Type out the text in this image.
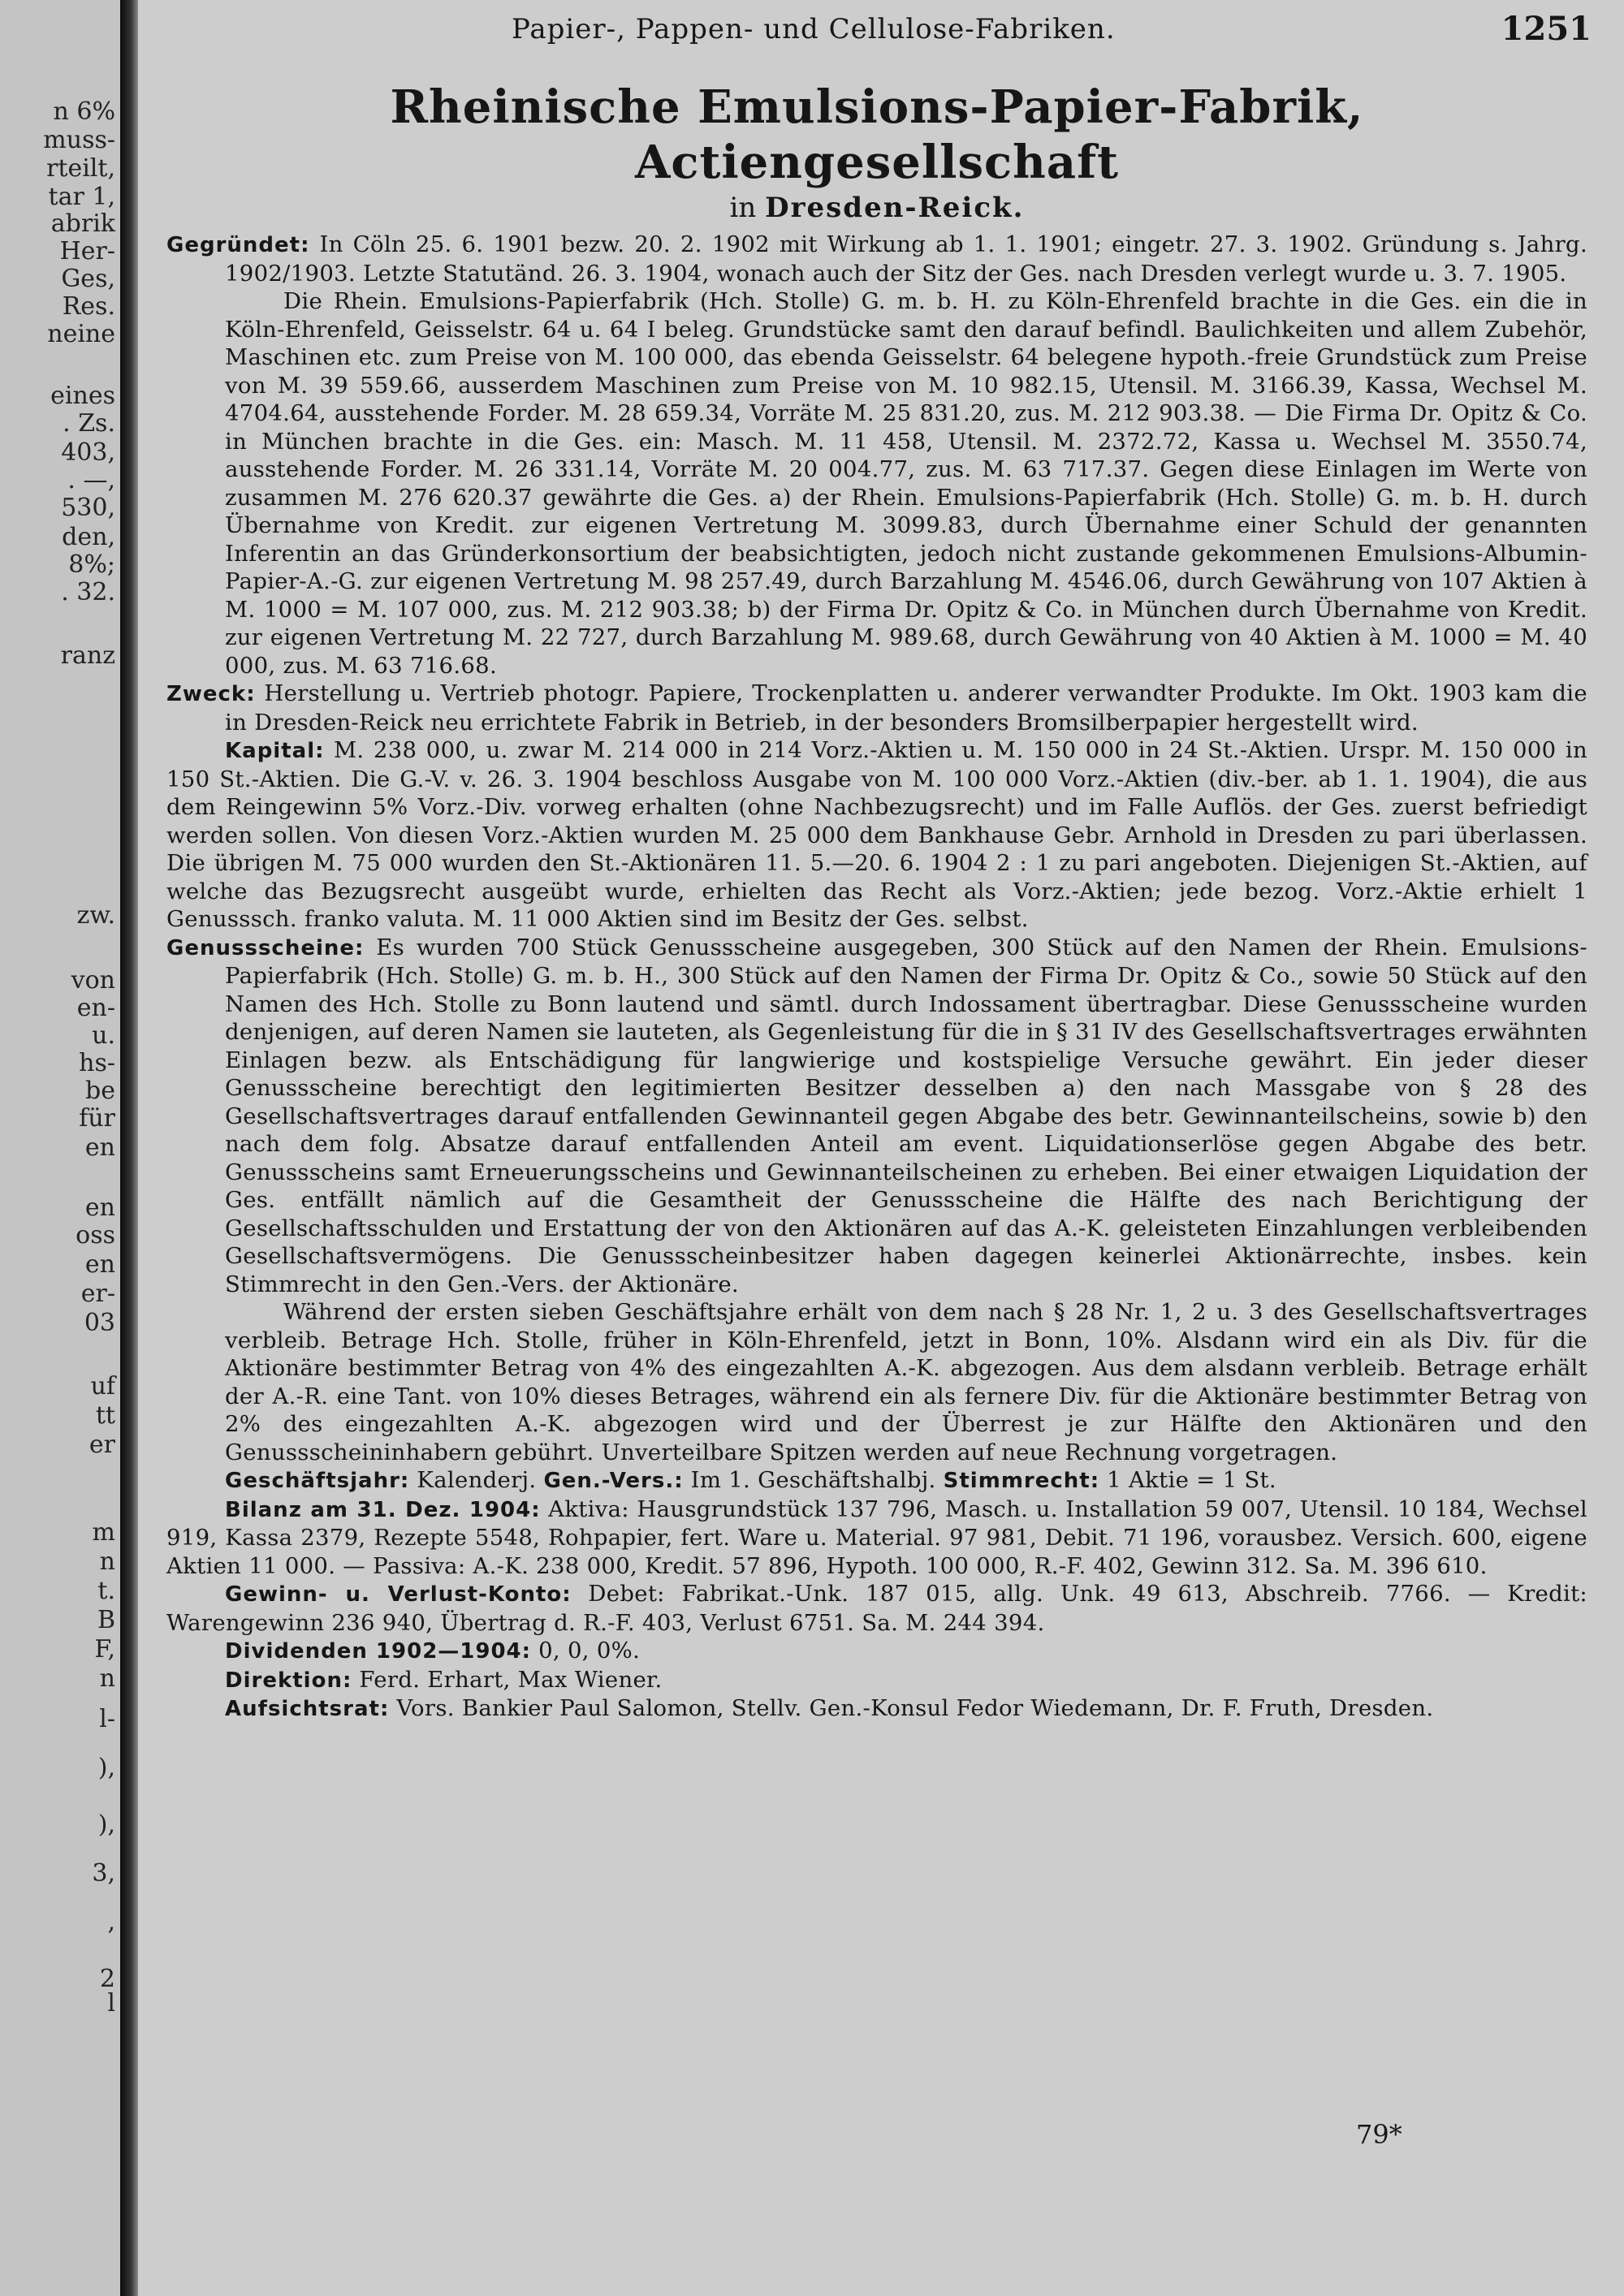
n 6%
muss-
rteilt,
tar 1,
abrik
Her-
Ges,
Res.
neine
eines
. Zs.
403,
. —,
530,
den,
8%;
. 32.
ranz
zw.
von
en-
u.
hs-
be
für
en
en
oss
en
er-
03
uf
tt
er
m
n
t.
B
F,
n
l-
),
),
3,
,
2
l
Papier-, Pappen- und Cellulose-Fabriken.	1251
Rheinische Emulsions-Papier-Fabrik, Actiengesellschaft
in Dresden-Reick.

Gegründet: In Cöln 25. 6. 1901 bezw. 20. 2. 1902 mit Wirkung ab 1. 1. 1901; eingetr. 27. 3. 1902. Gründung s. Jahrg. 1902/1903. Letzte Statutänd. 26. 3. 1904, wonach auch der Sitz der Ges. nach Dresden verlegt wurde u. 3. 7. 1905.

Die Rhein. Emulsions-Papierfabrik (Hch. Stolle) G. m. b. H. zu Köln-Ehrenfeld brachte in die Ges. ein die in Köln-Ehrenfeld, Geisselstr. 64 u. 64 I beleg. Grundstücke samt den darauf befindl. Baulichkeiten und allem Zubehör, Maschinen etc. zum Preise von M. 100 000, das ebenda Geisselstr. 64 belegene hypoth.-freie Grundstück zum Preise von M. 39 559.66, ausserdem Maschinen zum Preise von M. 10 982.15, Utensil. M. 3166.39, Kassa, Wechsel M. 4704.64, ausstehende Forder. M. 28 659.34, Vorräte M. 25 831.20, zus. M. 212 903.38. — Die Firma Dr. Opitz & Co. in München brachte in die Ges. ein: Masch. M. 11 458, Utensil. M. 2372.72, Kassa u. Wechsel M. 3550.74, ausstehende Forder. M. 26 331.14, Vorräte M. 20 004.77, zus. M. 63 717.37. Gegen diese Einlagen im Werte von zusammen M. 276 620.37 gewährte die Ges. a) der Rhein. Emulsions-Papierfabrik (Hch. Stolle) G. m. b. H. durch Übernahme von Kredit. zur eigenen Vertretung M. 3099.83, durch Übernahme einer Schuld der genannten Inferentin an das Gründerkonsortium der beabsichtigten, jedoch nicht zustande gekommenen Emulsions-Albumin-Papier-A.-G. zur eigenen Vertretung M. 98 257.49, durch Barzahlung M. 4546.06, durch Gewährung von 107 Aktien à M. 1000 = M. 107 000, zus. M. 212 903.38; b) der Firma Dr. Opitz & Co. in München durch Übernahme von Kredit. zur eigenen Vertretung M. 22 727, durch Barzahlung M. 989.68, durch Gewährung von 40 Aktien à M. 1000 = M. 40 000, zus. M. 63 716.68.

Zweck: Herstellung u. Vertrieb photogr. Papiere, Trockenplatten u. anderer verwandter Produkte. Im Okt. 1903 kam die in Dresden-Reick neu errichtete Fabrik in Betrieb, in der besonders Bromsilberpapier hergestellt wird.

Kapital: M. 238 000, u. zwar M. 214 000 in 214 Vorz.-Aktien u. M. 150 000 in 24 St.-Aktien. Urspr. M. 150 000 in 150 St.-Aktien. Die G.-V. v. 26. 3. 1904 beschloss Ausgabe von M. 100 000 Vorz.-Aktien (div.-ber. ab 1. 1. 1904), die aus dem Reingewinn 5% Vorz.-Div. vorweg erhalten (ohne Nachbezugsrecht) und im Falle Auflös. der Ges. zuerst befriedigt werden sollen. Von diesen Vorz.-Aktien wurden M. 25 000 dem Bankhause Gebr. Arnhold in Dresden zu pari überlassen. Die übrigen M. 75 000 wurden den St.-Aktionären 11. 5.—20. 6. 1904 2 : 1 zu pari angeboten. Diejenigen St.-Aktien, auf welche das Bezugsrecht ausgeübt wurde, erhielten das Recht als Vorz.-Aktien; jede bezog. Vorz.-Aktie erhielt 1 Genusssch. franko valuta. M. 11 000 Aktien sind im Besitz der Ges. selbst.

Genussscheine: Es wurden 700 Stück Genussscheine ausgegeben, 300 Stück auf den Namen der Rhein. Emulsions-Papierfabrik (Hch. Stolle) G. m. b. H., 300 Stück auf den Namen der Firma Dr. Opitz & Co., sowie 50 Stück auf den Namen des Hch. Stolle zu Bonn lautend und sämtl. durch Indossament übertragbar. Diese Genussscheine wurden denjenigen, auf deren Namen sie lauteten, als Gegenleistung für die in § 31 IV des Gesellschaftsvertrages erwähnten Einlagen bezw. als Entschädigung für langwierige und kostspielige Versuche gewährt. Ein jeder dieser Genussscheine berechtigt den legitimierten Besitzer desselben a) den nach Massgabe von § 28 des Gesellschaftsvertrages darauf entfallenden Gewinnanteil gegen Abgabe des betr. Gewinnanteilscheins, sowie b) den nach dem folg. Absatze darauf entfallenden Anteil am event. Liquidationserlöse gegen Abgabe des betr. Genussscheins samt Erneuerungsscheins und Gewinnanteilscheinen zu erheben. Bei einer etwaigen Liquidation der Ges. entfällt nämlich auf die Gesamtheit der Genussscheine die Hälfte des nach Berichtigung der Gesellschaftsschulden und Erstattung der von den Aktionären auf das A.-K. geleisteten Einzahlungen verbleibenden Gesellschaftsvermögens. Die Genussscheinbesitzer haben dagegen keinerlei Aktionärrechte, insbes. kein Stimmrecht in den Gen.-Vers. der Aktionäre.

Während der ersten sieben Geschäftsjahre erhält von dem nach § 28 Nr. 1, 2 u. 3 des Gesellschaftsvertrages verbleib. Betrage Hch. Stolle, früher in Köln-Ehrenfeld, jetzt in Bonn, 10%. Alsdann wird ein als Div. für die Aktionäre bestimmter Betrag von 4% des eingezahlten A.-K. abgezogen. Aus dem alsdann verbleib. Betrage erhält der A.-R. eine Tant. von 10% dieses Betrages, während ein als fernere Div. für die Aktionäre bestimmter Betrag von 2% des eingezahlten A.-K. abgezogen wird und der Überrest je zur Hälfte den Aktionären und den Genussscheininhabern gebührt. Unverteilbare Spitzen werden auf neue Rechnung vorgetragen.

Geschäftsjahr: Kalenderj. Gen.-Vers.: Im 1. Geschäftshalbj. Stimmrecht: 1 Aktie = 1 St.

Bilanz am 31. Dez. 1904: Aktiva: Hausgrundstück 137 796, Masch. u. Installation 59 007, Utensil. 10 184, Wechsel 919, Kassa 2379, Rezepte 5548, Rohpapier, fert. Ware u. Material. 97 981, Debit. 71 196, vorausbez. Versich. 600, eigene Aktien 11 000. — Passiva: A.-K. 238 000, Kredit. 57 896, Hypoth. 100 000, R.-F. 402, Gewinn 312. Sa. M. 396 610.

Gewinn- u. Verlust-Konto: Debet: Fabrikat.-Unk. 187 015, allg. Unk. 49 613, Abschreib. 7766. — Kredit: Warengewinn 236 940, Übertrag d. R.-F. 403, Verlust 6751. Sa. M. 244 394.

Dividenden 1902—1904: 0, 0, 0%.

Direktion: Ferd. Erhart, Max Wiener.

Aufsichtsrat: Vors. Bankier Paul Salomon, Stellv. Gen.-Konsul Fedor Wiedemann, Dr. F. Fruth, Dresden.

79*
